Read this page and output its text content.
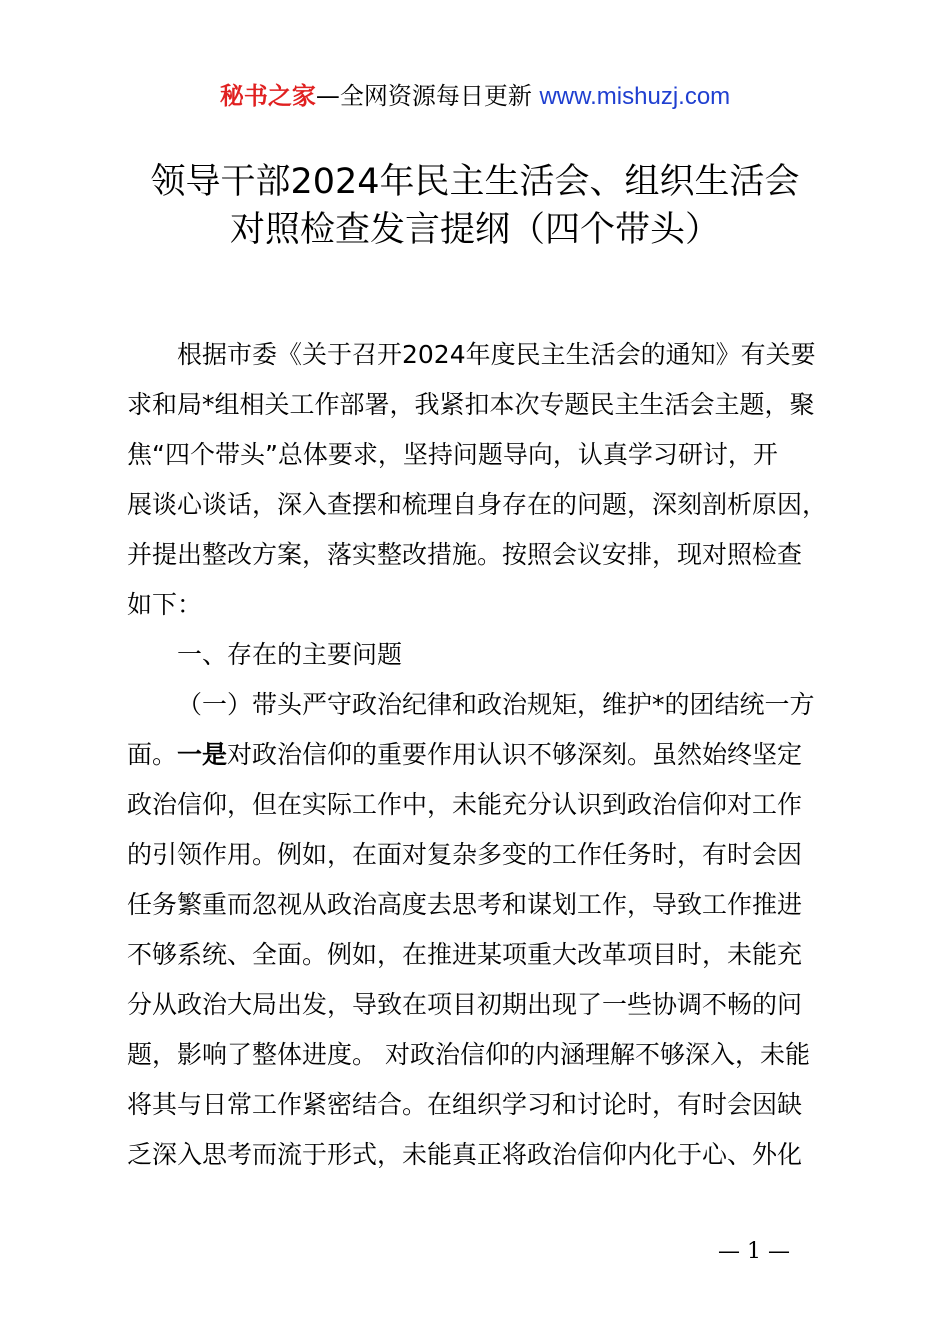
秘书之家—全网资源每日更新 www.mishuzj.com
领导干部2024年民主生活会、组织生活会
对照检查发言提纲（四个带头）
根据市委《关于召开2024年度民主生活会的通知》有关要
求和局*组相关工作部署，我紧扣本次专题民主生活会主题，聚
焦“四个带头”总体要求，坚持问题导向，认真学习研讨，开
展谈心谈话，深入查摆和梳理自身存在的问题，深刻剖析原因，
并提出整改方案，落实整改措施。按照会议安排，现对照检查
如下：
一、存在的主要问题
（一）带头严守政治纪律和政治规矩，维护*的团结统一方
面。一是对政治信仰的重要作用认识不够深刻。虽然始终坚定
政治信仰，但在实际工作中，未能充分认识到政治信仰对工作
的引领作用。例如，在面对复杂多变的工作任务时，有时会因
任务繁重而忽视从政治高度去思考和谋划工作，导致工作推进
不够系统、全面。例如，在推进某项重大改革项目时，未能充
分从政治大局出发，导致在项目初期出现了一些协调不畅的问
题，影响了整体进度。 对政治信仰的内涵理解不够深入，未能
将其与日常工作紧密结合。在组织学习和讨论时，有时会因缺
乏深入思考而流于形式，未能真正将政治信仰内化于心、外化
— 1 —
